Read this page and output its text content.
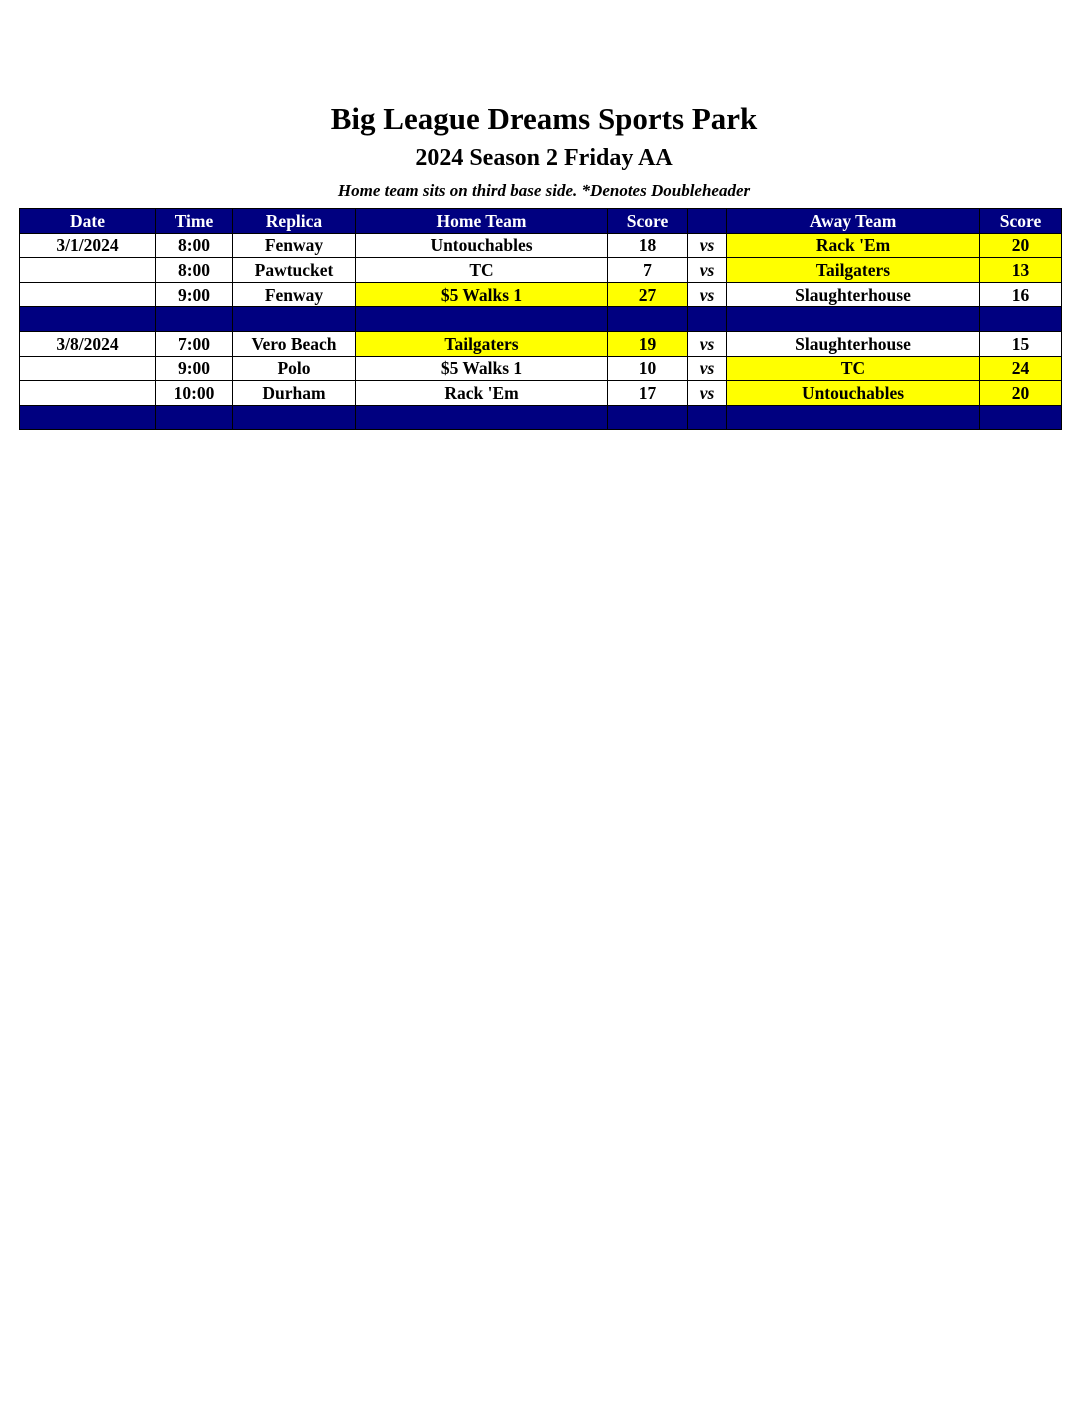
Big League Dreams Sports Park
2024 Season 2 Friday AA
Home team sits on third base side. *Denotes Doubleheader
Date	Time	Replica	Home Team	Score		Away Team	Score
3/1/2024	8:00	Fenway	Untouchables	18	vs	Rack 'Em	20
	8:00	Pawtucket	TC	7	vs	Tailgaters	13
	9:00	Fenway	$5 Walks 1	27	vs	Slaughterhouse	16

3/8/2024	7:00	Vero Beach	Tailgaters	19	vs	Slaughterhouse	15
	9:00	Polo	$5 Walks 1	10	vs	TC	24
	10:00	Durham	Rack 'Em	17	vs	Untouchables	20
